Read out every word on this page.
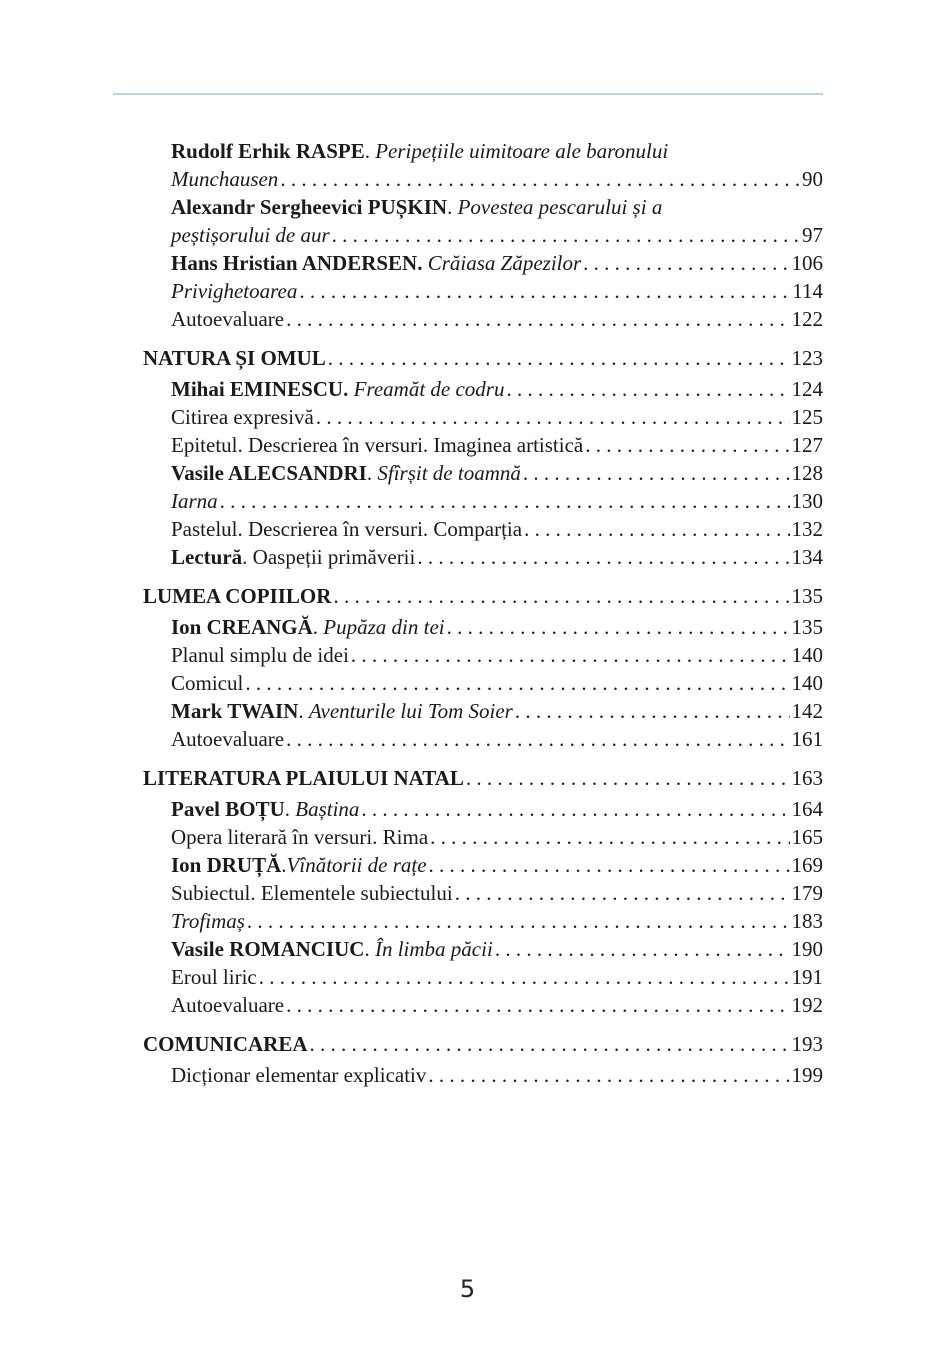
Rudolf Erhik RASPE. Peripețiile uimitoare ale baronului
Munchausen . . .	90
Alexandr Sergheevici PUȘKIN. Povestea pescarului și a
peștișorului de aur . . .	97
Hans Hristian ANDERSEN. Crăiasa Zăpezilor . . .	106
Privighetoarea . . .	114
Autoevaluare . . .	122
NATURA ȘI OMUL . . .	123
Mihai EMINESCU. Freamăt de codru . . .	124
Citirea expresivă . . .	125
Epitetul. Descrierea în versuri. Imaginea artistică . . .	127
Vasile ALECSANDRI. Sfîrșit de toamnă . . .	128
Iarna . . .	130
Pastelul. Descrierea în versuri. Comparția . . .	132
Lectură. Oaspeții primăverii . . .	134
LUMEA COPIILOR . . .	135
Ion CREANGĂ. Pupăza din tei . . .	135
Planul simplu de idei . . .	140
Comicul . . .	140
Mark TWAIN. Aventurile lui Tom Soier . . .	142
Autoevaluare . . .	161
LITERATURA PLAIULUI NATAL . . .	163
Pavel BOȚU. Baștina . . .	164
Opera literară în versuri. Rima . . .	165
Ion DRUȚĂ.Vînătorii de rațe . . .	169
Subiectul. Elementele subiectului . . .	179
Trofimaș . . .	183
Vasile ROMANCIUC. În limba păcii . . .	190
Eroul liric . . .	191
Autoevaluare . . .	192
COMUNICAREA . . .	193
Dicționar elementar explicativ . . .	199
5
